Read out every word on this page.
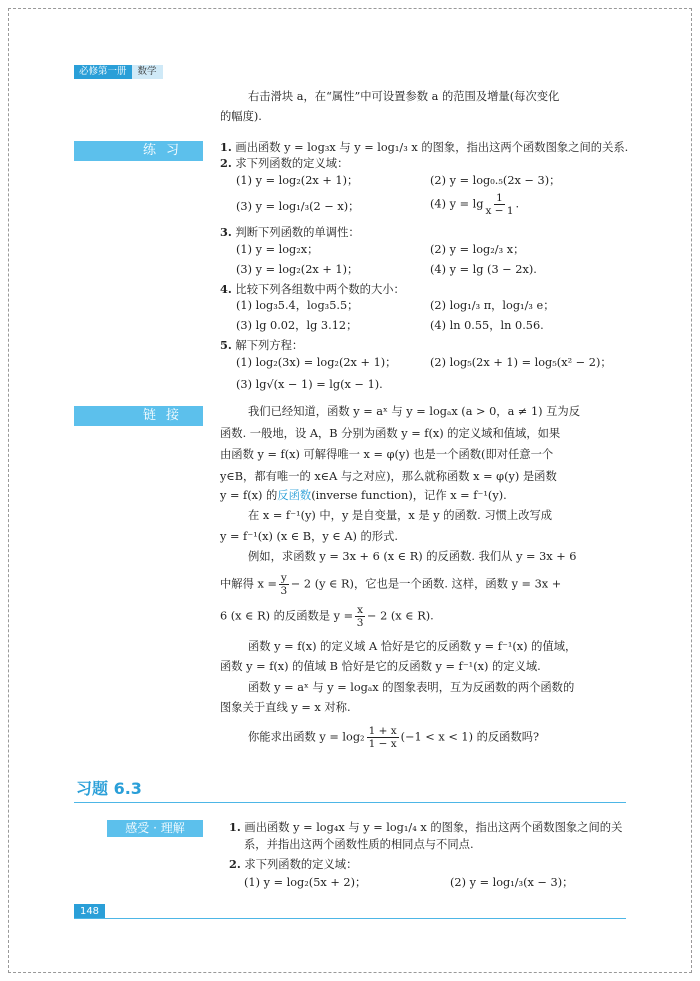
必修第一册	数学
右击滑块 a，在“属性”中可设置参数 a 的范围及增量(每次变化
的幅度).
练习	1. 画出函数 y = log₃x 与 y = log₁/₃ x 的图象，指出这两个函数图象之间的关系.
2. 求下列函数的定义域：
(1) y = log₂(2x + 1)；	(2) y = log₀.₅(2x − 3)；
(3) y = log₁/₃(2 − x)；	(4) $y = \lg \frac{1}{x - 1}$ .
3. 判断下列函数的单调性：
(1) y = log₂x；	(2) y = log₂/₃ x；
(3) y = log₂(2x + 1)；	(4) y = lg (3 − 2x).
4. 比较下列各组数中两个数的大小：
(1) log₃5.4，log₃5.5；	(2) log₁/₃ π，log₁/₃ e；
(3) lg 0.02，lg 3.12；	(4) ln 0.55，ln 0.56.
5. 解下列方程：
(1) log₂(3x) = log₂(2x + 1)；	(2) log₅(2x + 1) = log₅(x² − 2)；
(3) lg√(x − 1) = lg(x − 1).
链接	我们已经知道，函数 y = aˣ 与 y = logₐx (a > 0，a ≠ 1) 互为反
函数. 一般地，设 A，B 分别为函数 y = f(x) 的定义域和值域，如果
由函数 y = f(x) 可解得唯一 x = φ(y) 也是一个函数(即对任意一个
y∈B，都有唯一的 x∈A 与之对应)，那么就称函数 x = φ(y) 是函数
y = f(x) 的反函数(inverse function)，记作 x = f⁻¹(y).
在 x = f⁻¹(y) 中，y 是自变量，x 是 y 的函数. 习惯上改写成
y = f⁻¹(x) (x ∈ B，y ∈ A) 的形式.
例如，求函数 y = 3x + 6 (x ∈ R) 的反函数. 我们从 y = 3x + 6
中解得 $x = \frac{y}{3} - 2$ (y ∈ R)，它也是一个函数. 这样，函数 y = 3x +
6 (x ∈ R) 的反函数是 $y = \frac{x}{3} - 2$ (x ∈ R).
函数 y = f(x) 的定义域 A 恰好是它的反函数 y = f⁻¹(x) 的值域，
函数 y = f(x) 的值域 B 恰好是它的反函数 y = f⁻¹(x) 的定义域.
函数 y = aˣ 与 y = logₐx 的图象表明，互为反函数的两个函数的
图象关于直线 y = x 对称.
你能求出函数 $y = \log_2 \frac{1 + x}{1 - x} (-1 < x < 1)$ 的反函数吗?
习题 6.3
感受 · 理解	1. 画出函数 y = log₄x 与 y = log₁/₄ x 的图象，指出这两个函数图象之间的关
系，并指出这两个函数性质的相同点与不同点.
2. 求下列函数的定义域：
(1) y = log₂(5x + 2)；	(2) y = log₁/₃(x − 3)；
148
